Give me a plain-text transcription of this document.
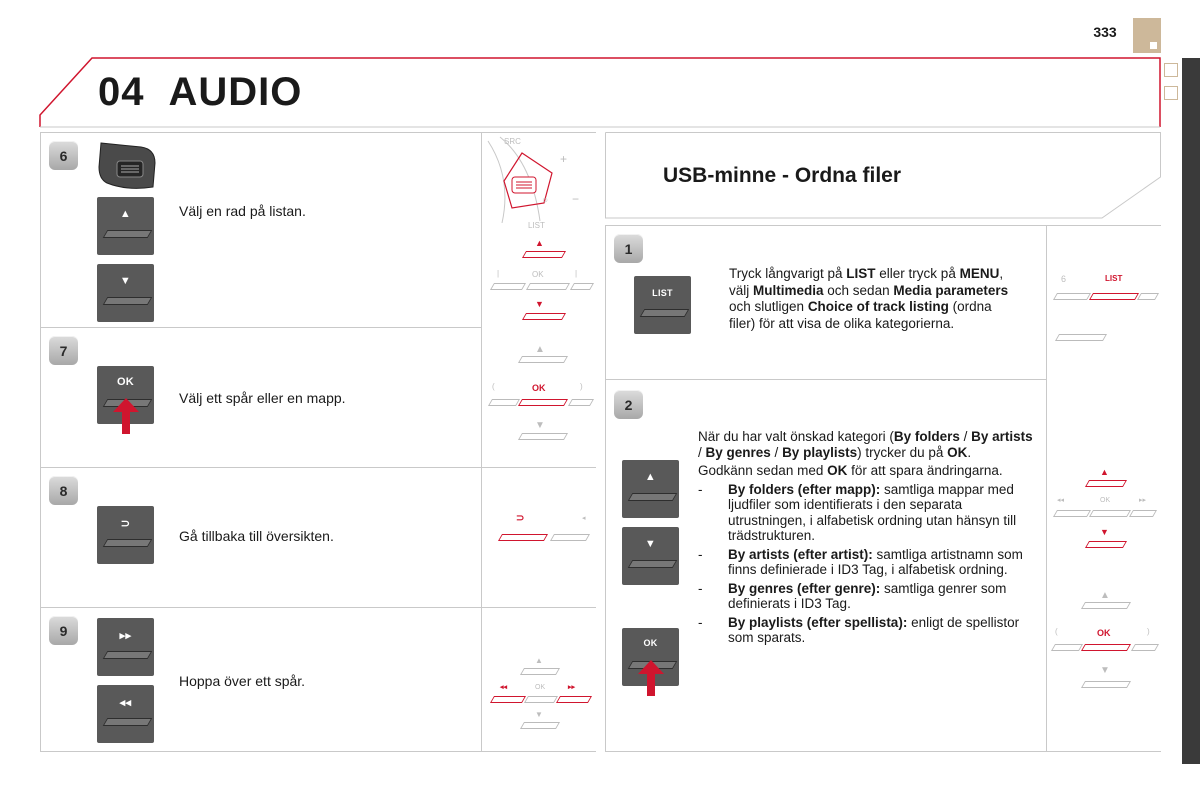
333
04 AUDIO
6
▲
▼
Välj en rad på listan.
+
−
○
SRC
LIST
▲
OK
|	|
▼
7
OK
Välj ett spår eller en mapp.
▲
OK
(	)
▼
8
⊃
Gå tillbaka till översikten.
⊃	◂
9	▸▸
◂◂
Hoppa över ett spår.
▲
◂◂	OK	▸▸
▼
USB-minne - Ordna filer
1
LIST
Tryck långvarigt på LIST eller tryck på MENU, välj Multimedia och sedan Media parameters och slutligen Choice of track listing (ordna filer) för att visa de olika kategorierna.
6	LIST
2
▲
▼
OK
▲
◂◂	OK	▸▸
▼
▲
OK
(	)
▼

När du har valt önskad kategori (By folders / By artists / By genres / By playlists) trycker du på OK.

Godkänn sedan med OK för att spara ändringarna.

- By folders (efter mapp): samtliga mappar med ljudfiler som identifierats i den separata utrustningen, i alfabetisk ordning utan hänsyn till trädstrukturen.
- By artists (efter artist): samtliga artistnamn som finns definierade i ID3 Tag, i alfabetisk ordning.
- By genres (efter genre): samtliga genrer som definierats i ID3 Tag.
- By playlists (efter spellista): enligt de spellistor som sparats.
